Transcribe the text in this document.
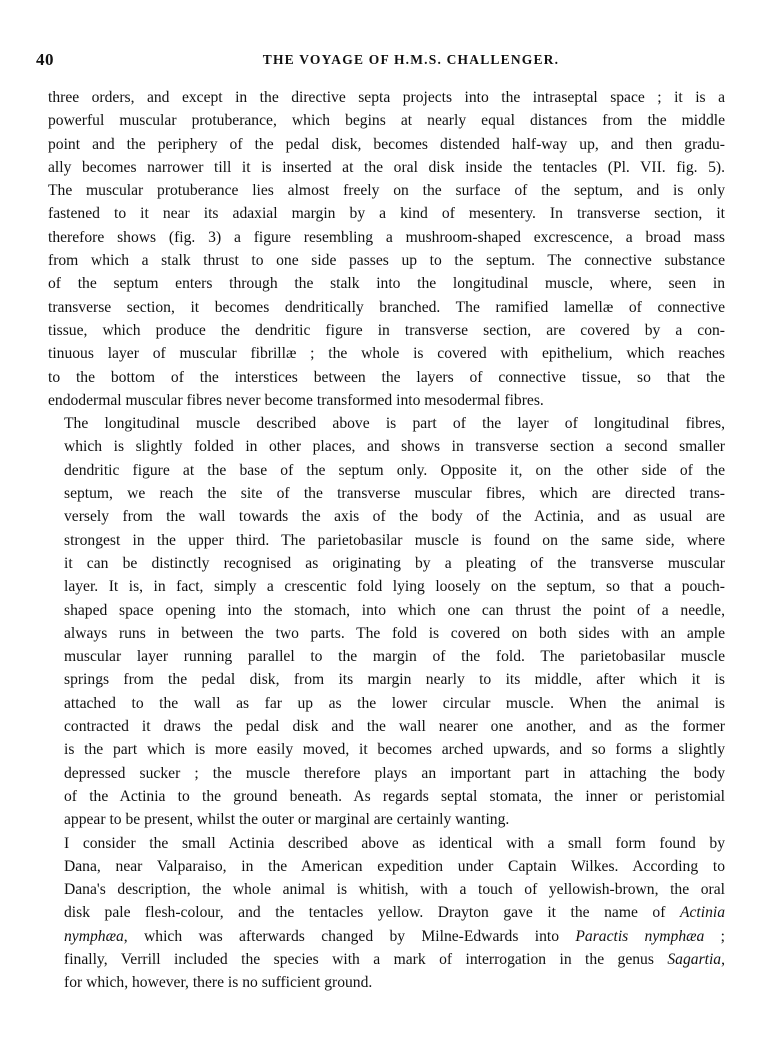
40	THE VOYAGE OF H.M.S. CHALLENGER.
three orders, and except in the directive septa projects into the intraseptal space ; it is a
powerful muscular protuberance, which begins at nearly equal distances from the middle
point and the periphery of the pedal disk, becomes distended half-way up, and then gradu-
ally becomes narrower till it is inserted at the oral disk inside the tentacles (Pl. VII. fig. 5).
The muscular protuberance lies almost freely on the surface of the septum, and is only
fastened to it near its adaxial margin by a kind of mesentery. In transverse section, it
therefore shows (fig. 3) a figure resembling a mushroom-shaped excrescence, a broad mass
from which a stalk thrust to one side passes up to the septum. The connective substance
of the septum enters through the stalk into the longitudinal muscle, where, seen in
transverse section, it becomes dendritically branched. The ramified lamellæ of connective
tissue, which produce the dendritic figure in transverse section, are covered by a con-
tinuous layer of muscular fibrillæ ; the whole is covered with epithelium, which reaches
to the bottom of the interstices between the layers of connective tissue, so that the
endodermal muscular fibres never become transformed into mesodermal fibres.
The longitudinal muscle described above is part of the layer of longitudinal fibres,
which is slightly folded in other places, and shows in transverse section a second smaller
dendritic figure at the base of the septum only. Opposite it, on the other side of the
septum, we reach the site of the transverse muscular fibres, which are directed trans-
versely from the wall towards the axis of the body of the Actinia, and as usual are
strongest in the upper third. The parietobasilar muscle is found on the same side, where
it can be distinctly recognised as originating by a pleating of the transverse muscular
layer. It is, in fact, simply a crescentic fold lying loosely on the septum, so that a pouch-
shaped space opening into the stomach, into which one can thrust the point of a needle,
always runs in between the two parts. The fold is covered on both sides with an ample
muscular layer running parallel to the margin of the fold. The parietobasilar muscle
springs from the pedal disk, from its margin nearly to its middle, after which it is
attached to the wall as far up as the lower circular muscle. When the animal is
contracted it draws the pedal disk and the wall nearer one another, and as the former
is the part which is more easily moved, it becomes arched upwards, and so forms a slightly
depressed sucker ; the muscle therefore plays an important part in attaching the body
of the Actinia to the ground beneath. As regards septal stomata, the inner or peristomial
appear to be present, whilst the outer or marginal are certainly wanting.
I consider the small Actinia described above as identical with a small form found by
Dana, near Valparaiso, in the American expedition under Captain Wilkes. According to
Dana's description, the whole animal is whitish, with a touch of yellowish-brown, the oral
disk pale flesh-colour, and the tentacles yellow. Drayton gave it the name of Actinia
nymphæa, which was afterwards changed by Milne-Edwards into Paractis nymphæa ;
finally, Verrill included the species with a mark of interrogation in the genus Sagartia,
for which, however, there is no sufficient ground.
